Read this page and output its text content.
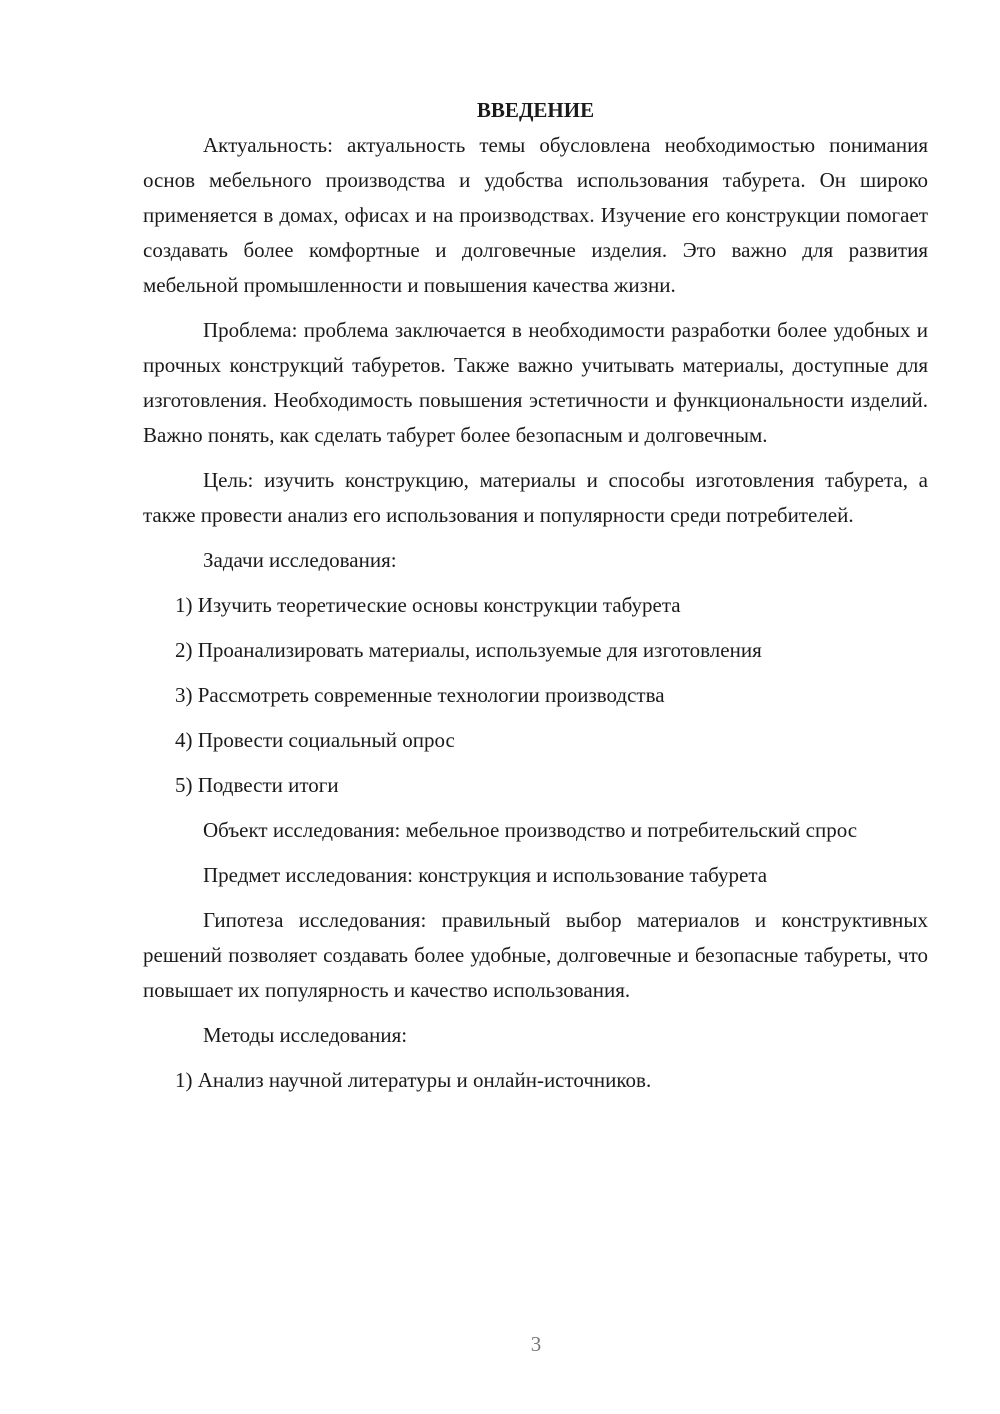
ВВЕДЕНИЕ

Актуальность: актуальность темы обусловлена необходимостью понимания основ мебельного производства и удобства использования табурета. Он широко применяется в домах, офисах и на производствах. Изучение его конструкции помогает создавать более комфортные и долговечные изделия. Это важно для развития мебельной промышленности и повышения качества жизни.

Проблема: проблема заключается в необходимости разработки более удобных и прочных конструкций табуретов. Также важно учитывать материалы, доступные для изготовления. Необходимость повышения эстетичности и функциональности изделий. Важно понять, как сделать табурет более безопасным и долговечным.

Цель: изучить конструкцию, материалы и способы изготовления табурета, а также провести анализ его использования и популярности среди потребителей.

Задачи исследования:

1) Изучить теоретические основы конструкции табурета
2) Проанализировать материалы, используемые для изготовления
3) Рассмотреть современные технологии производства
4) Провести социальный опрос
5) Подвести итоги

Объект исследования: мебельное производство и потребительский спрос

Предмет исследования: конструкция и использование табурета

Гипотеза исследования: правильный выбор материалов и конструктивных решений позволяет создавать более удобные, долговечные и безопасные табуреты, что повышает их популярность и качество использования.

Методы исследования:

1) Анализ научной литературы и онлайн-источников.
3
